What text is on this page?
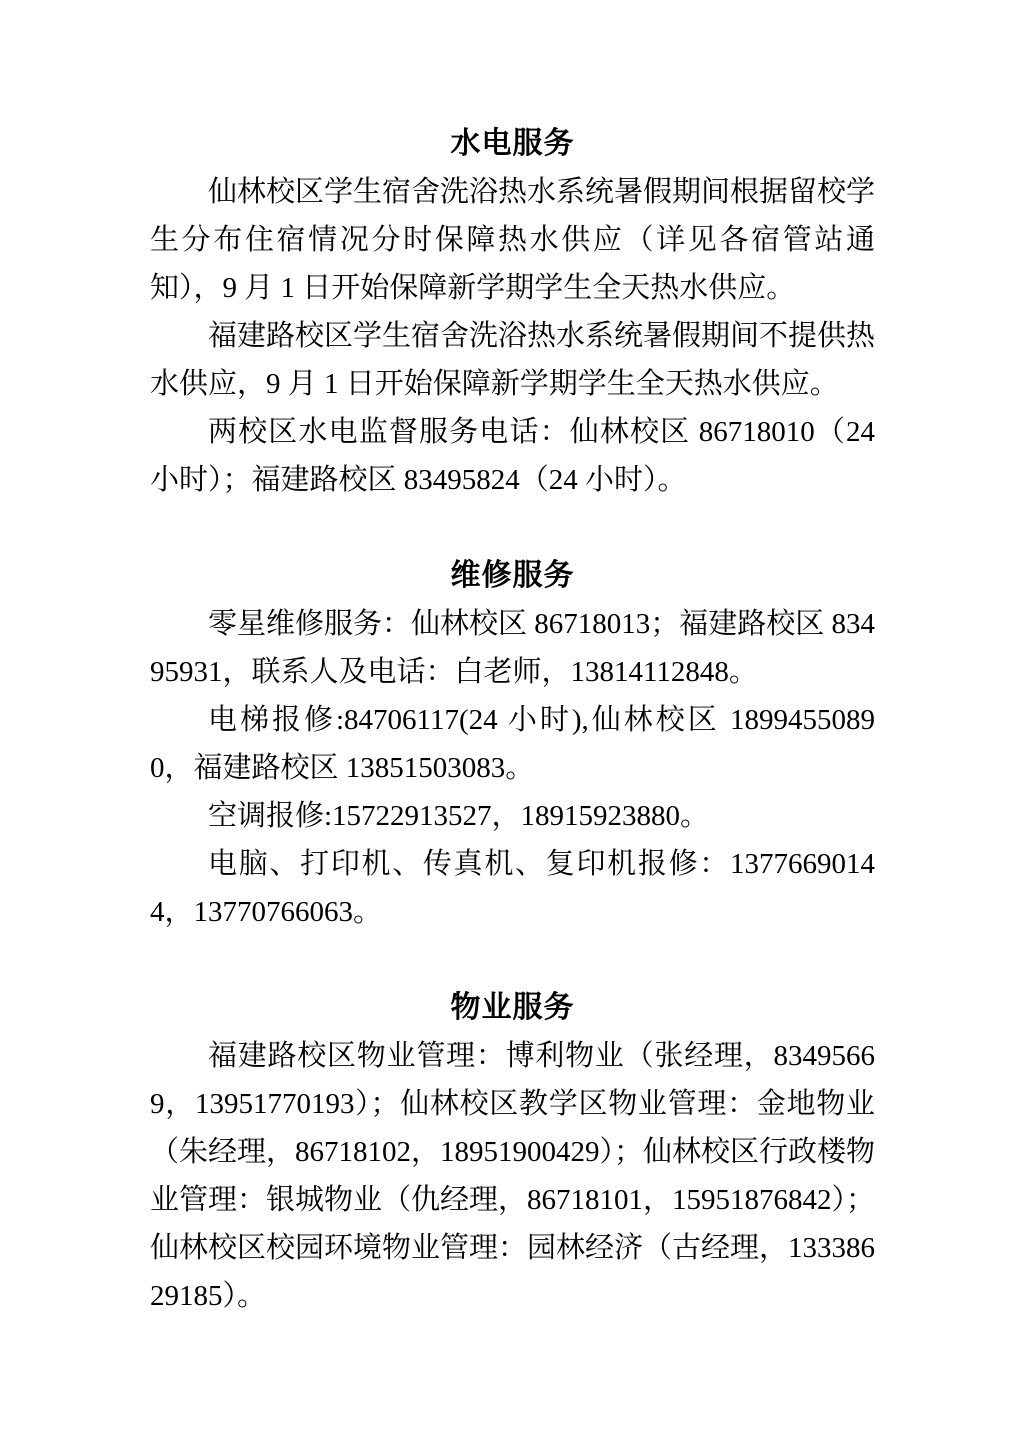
水电服务

仙林校区学生宿舍洗浴热水系统暑假期间根据留校学生分布住宿情况分时保障热水供应（详见各宿管站通知），9 月 1 日开始保障新学期学生全天热水供应。

福建路校区学生宿舍洗浴热水系统暑假期间不提供热水供应，9 月 1 日开始保障新学期学生全天热水供应。

两校区水电监督服务电话：仙林校区 86718010（24 小时）；福建路校区 83495824（24 小时）。

维修服务

零星维修服务：仙林校区 86718013；福建路校区 83495931，联系人及电话：白老师，13814112848。

电梯报修:84706117(24 小时),仙林校区 18994550890，福建路校区 13851503083。

空调报修:15722913527，18915923880。

电脑、打印机、传真机、复印机报修：13776690144，13770766063。

物业服务

福建路校区物业管理：博利物业（张经理，83495669，13951770193）；仙林校区教学区物业管理：金地物业（朱经理，86718102，18951900429）；仙林校区行政楼物业管理：银城物业（仇经理，86718101，15951876842）；仙林校区校园环境物业管理：园林经济（古经理，13338629185）。
